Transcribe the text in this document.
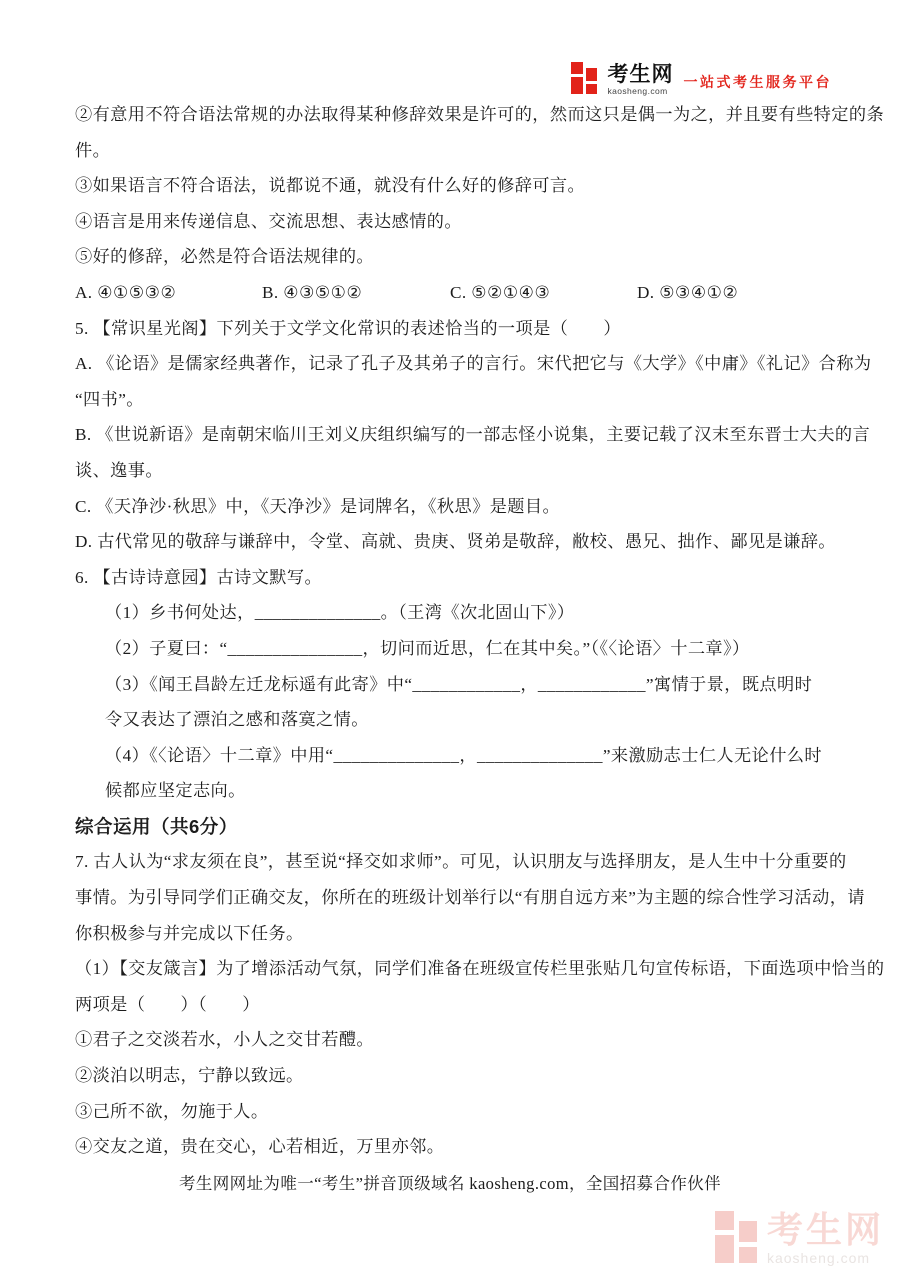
考生网
kaosheng.com
一站式考生服务平台
②有意用不符合语法常规的办法取得某种修辞效果是许可的，然而这只是偶一为之，并且要有些特定的条
件。
③如果语言不符合语法，说都说不通，就没有什么好的修辞可言。
④语言是用来传递信息、交流思想、表达感情的。
⑤好的修辞，必然是符合语法规律的。
A. ④①⑤③②	B. ④③⑤①②	C. ⑤②①④③	D. ⑤③④①②
5. 【常识星光阁】下列关于文学文化常识的表述恰当的一项是（　　）
A. 《论语》是儒家经典著作，记录了孔子及其弟子的言行。宋代把它与《大学》《中庸》《礼记》合称为
“四书”。
B. 《世说新语》是南朝宋临川王刘义庆组织编写的一部志怪小说集，主要记载了汉末至东晋士大夫的言
谈、逸事。
C. 《天净沙·秋思》中，《天净沙》是词牌名，《秋思》是题目。
D. 古代常见的敬辞与谦辞中，令堂、高就、贵庚、贤弟是敬辞，敝校、愚兄、拙作、鄙见是谦辞。
6. 【古诗诗意园】古诗文默写。
（1）乡书何处达，______________。（王湾《次北固山下》）
（2）子夏曰：“_______________，切问而近思，仁在其中矣。”（《〈论语〉十二章》）
（3）《闻王昌龄左迁龙标遥有此寄》中“____________，____________”寓情于景，既点明时
令又表达了漂泊之感和落寞之情。
（4）《〈论语〉十二章》中用“______________，______________”来激励志士仁人无论什么时
候都应坚定志向。
综合运用（共6分）
7. 古人认为“求友须在良”，甚至说“择交如求师”。可见，认识朋友与选择朋友，是人生中十分重要的
事情。为引导同学们正确交友，你所在的班级计划举行以“有朋自远方来”为主题的综合性学习活动，请
你积极参与并完成以下任务。
（1）【交友箴言】为了增添活动气氛，同学们准备在班级宣传栏里张贴几句宣传标语，下面选项中恰当的
两项是（　　）（　　）
①君子之交淡若水，小人之交甘若醴。
②淡泊以明志，宁静以致远。
③己所不欲，勿施于人。
④交友之道，贵在交心，心若相近，万里亦邻。
考生网网址为唯一“考生”拼音顶级域名 kaosheng.com，全国招募合作伙伴
考生网
kaosheng.com
